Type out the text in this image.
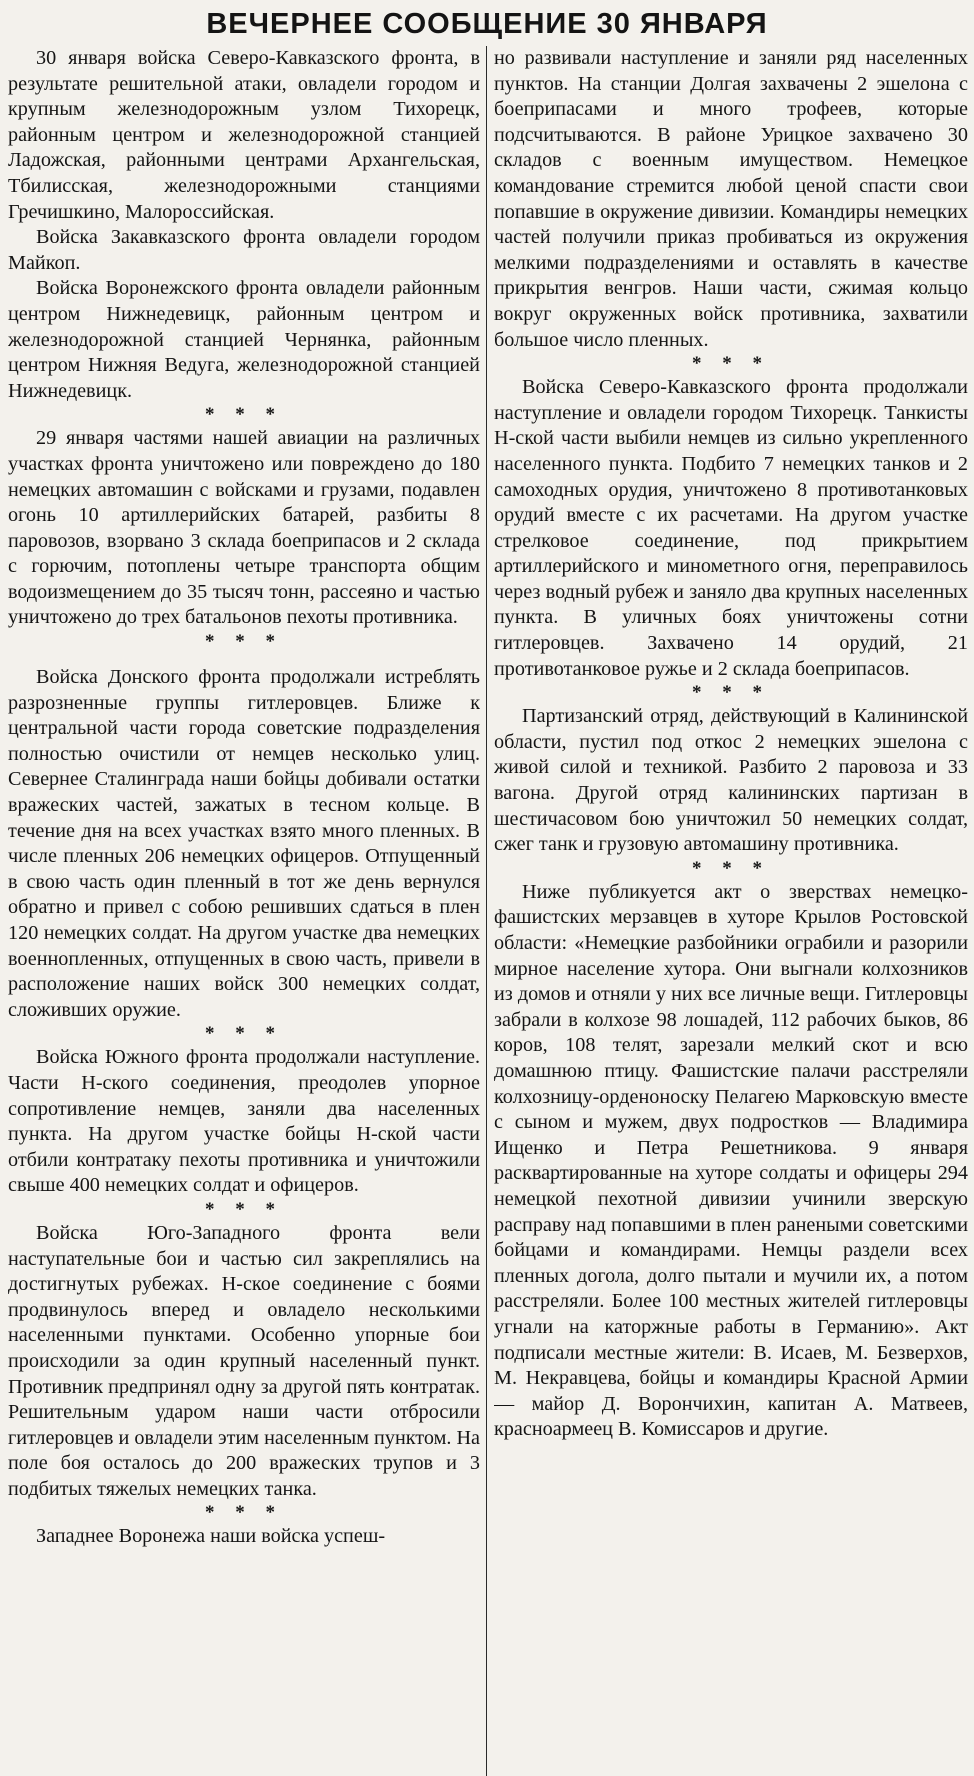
ВЕЧЕРНЕЕ СООБЩЕНИЕ 30 ЯНВАРЯ

30 января войска Северо-Кавказского фронта, в результате решительной атаки, овладели городом и крупным железнодорожным узлом Тихорецк, районным центром и железнодорожной станцией Ладожская, районными центрами Архангельская, Тбилисская, железнодорожными станциями Гречишкино, Малороссийская.

Войска Закавказского фронта овладели городом Майкоп.

Войска Воронежского фронта овладели районным центром Нижнедевицк, районным центром и железнодорожной станцией Чернянка, районным центром Нижняя Ведуга, железнодорожной станцией Нижнедевицк.

* * *

29 января частями нашей авиации на различных участках фронта уничтожено или повреждено до 180 немецких автомашин с войсками и грузами, подавлен огонь 10 артиллерийских батарей, разбиты 8 паровозов, взорвано 3 склада боеприпасов и 2 склада с горючим, потоплены четыре транспорта общим водоизмещением до 35 тысяч тонн, рассеяно и частью уничтожено до трех батальонов пехоты противника.

* * *

Войска Донского фронта продолжали истреблять разрозненные группы гитлеровцев. Ближе к центральной части города советские подразделения полностью очистили от немцев несколько улиц. Севернее Сталинграда наши бойцы добивали остатки вражеских частей, зажатых в тесном кольце. В течение дня на всех участках взято много пленных. В числе пленных 206 немецких офицеров. Отпущенный в свою часть один пленный в тот же день вернулся обратно и привел с собою решивших сдаться в плен 120 немецких солдат. На другом участке два немецких военнопленных, отпущенных в свою часть, привели в расположение наших войск 300 немецких солдат, сложивших оружие.

* * *

Войска Южного фронта продолжали наступление. Части Н-ского соединения, преодолев упорное сопротивление немцев, заняли два населенных пункта. На другом участке бойцы Н-ской части отбили контратаку пехоты противника и уничтожили свыше 400 немецких солдат и офицеров.

* * *

Войска Юго-Западного фронта вели наступательные бои и частью сил закреплялись на достигнутых рубежах. Н-ское соединение с боями продвинулось вперед и овладело несколькими населенными пунктами. Особенно упорные бои происходили за один крупный населенный пункт. Противник предпринял одну за другой пять контратак. Решительным ударом наши части отбросили гитлеровцев и овладели этим населенным пунктом. На поле боя осталось до 200 вражеских трупов и 3 подбитых тяжелых немецких танка.

* * *

Западнее Воронежа наши войска успеш-

но развивали наступление и заняли ряд населенных пунктов. На станции Долгая захвачены 2 эшелона с боеприпасами и много трофеев, которые подсчитываются. В районе Урицкое захвачено 30 складов с военным имуществом. Немецкое командование стремится любой ценой спасти свои попавшие в окружение дивизии. Командиры немецких частей получили приказ пробиваться из окружения мелкими подразделениями и оставлять в качестве прикрытия венгров. Наши части, сжимая кольцо вокруг окруженных войск противника, захватили большое число пленных.

* * *

Войска Северо-Кавказского фронта продолжали наступление и овладели городом Тихорецк. Танкисты Н-ской части выбили немцев из сильно укрепленного населенного пункта. Подбито 7 немецких танков и 2 самоходных орудия, уничтожено 8 противотанковых орудий вместе с их расчетами. На другом участке стрелковое соединение, под прикрытием артиллерийского и минометного огня, переправилось через водный рубеж и заняло два крупных населенных пункта. В уличных боях уничтожены сотни гитлеровцев. Захвачено 14 орудий, 21 противотанковое ружье и 2 склада боеприпасов.

* * *

Партизанский отряд, действующий в Калининской области, пустил под откос 2 немецких эшелона с живой силой и техникой. Разбито 2 паровоза и 33 вагона. Другой отряд калининских партизан в шестичасовом бою уничтожил 50 немецких солдат, сжег танк и грузовую автомашину противника.

* * *

Ниже публикуется акт о зверствах немецко-фашистских мерзавцев в хуторе Крылов Ростовской области: «Немецкие разбойники ограбили и разорили мирное население хутора. Они выгнали колхозников из домов и отняли у них все личные вещи. Гитлеровцы забрали в колхозе 98 лошадей, 112 рабочих быков, 86 коров, 108 телят, зарезали мелкий скот и всю домашнюю птицу. Фашистские палачи расстреляли колхозницу-орденоноску Пелагею Марковскую вместе с сыном и мужем, двух подростков — Владимира Ищенко и Петра Решетникова. 9 января расквартированные на хуторе солдаты и офицеры 294 немецкой пехотной дивизии учинили зверскую расправу над попавшими в плен ранеными советскими бойцами и командирами. Немцы раздели всех пленных догола, долго пытали и мучили их, а потом расстреляли. Более 100 местных жителей гитлеровцы угнали на каторжные работы в Германию». Акт подписали местные жители: В. Исаев, М. Безверхов, М. Некравцева, бойцы и командиры Красной Армии — майор Д. Ворончихин, капитан А. Матвеев, красноармеец В. Комиссаров и другие.
